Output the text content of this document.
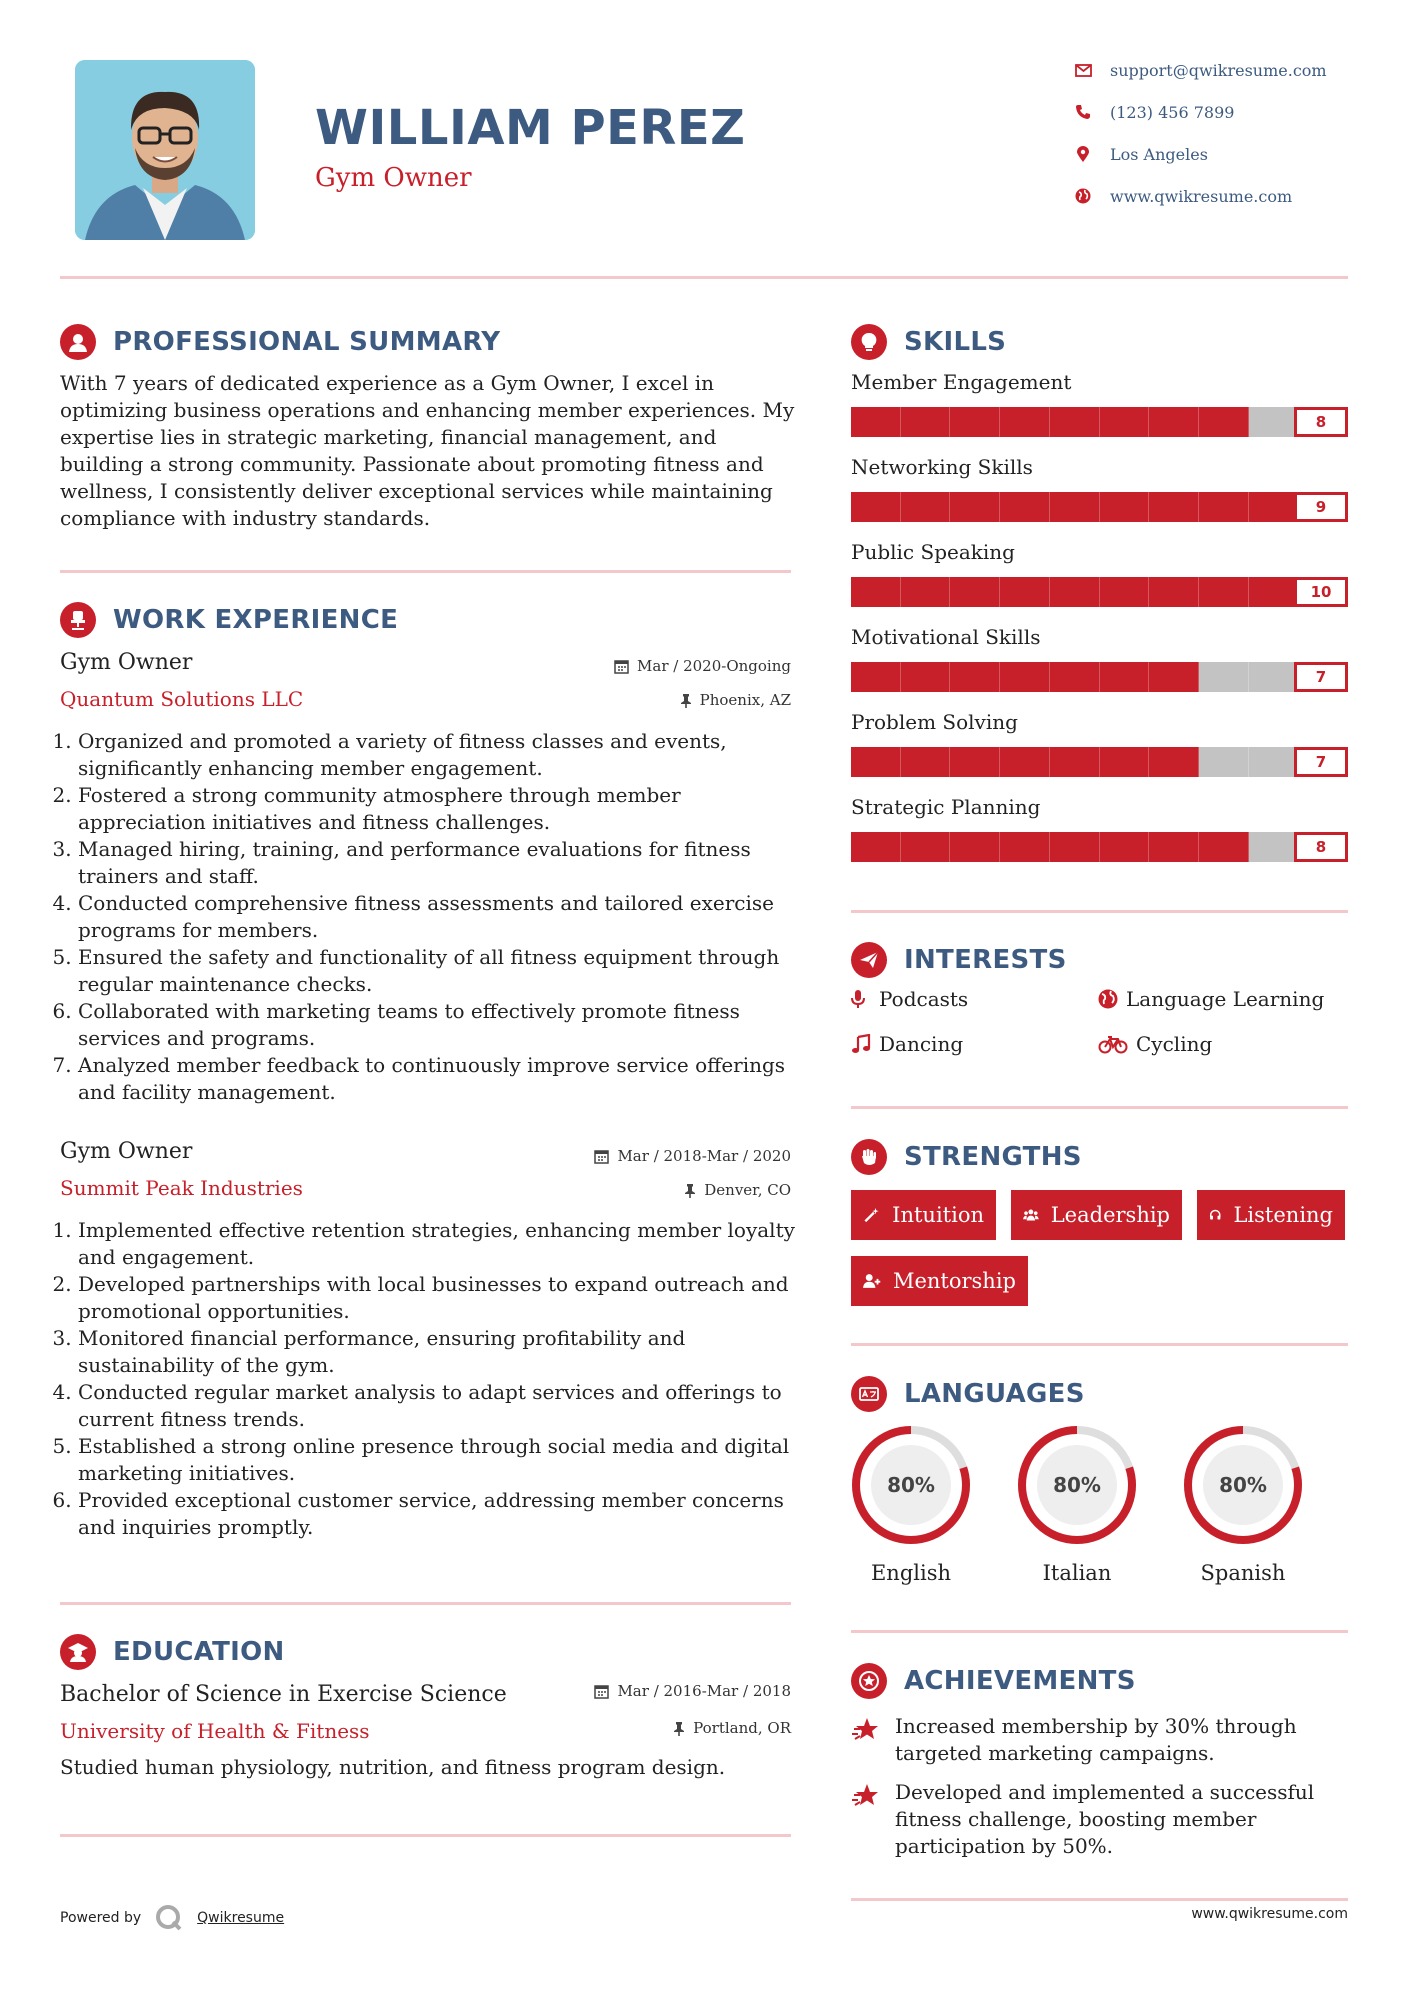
WILLIAM PEREZ
Gym Owner
support@qwikresume.com
(123) 456 7899
Los Angeles
www.qwikresume.com
PROFESSIONAL SUMMARY
With 7 years of dedicated experience as a Gym Owner, I excel in optimizing business operations and enhancing member experiences. My expertise lies in strategic marketing, financial management, and building a strong community. Passionate about promoting fitness and wellness, I consistently deliver exceptional services while maintaining compliance with industry standards.
WORK EXPERIENCE
Gym Owner
Quantum Solutions LLC
Mar / 2020-Ongoing
Phoenix, AZ
1. Organized and promoted a variety of fitness classes and events, significantly enhancing member engagement.
2. Fostered a strong community atmosphere through member appreciation initiatives and fitness challenges.
3. Managed hiring, training, and performance evaluations for fitness trainers and staff.
4. Conducted comprehensive fitness assessments and tailored exercise programs for members.
5. Ensured the safety and functionality of all fitness equipment through regular maintenance checks.
6. Collaborated with marketing teams to effectively promote fitness services and programs.
7. Analyzed member feedback to continuously improve service offerings and facility management.
Gym Owner
Summit Peak Industries
Mar / 2018-Mar / 2020
Denver, CO
1. Implemented effective retention strategies, enhancing member loyalty and engagement.
2. Developed partnerships with local businesses to expand outreach and promotional opportunities.
3. Monitored financial performance, ensuring profitability and sustainability of the gym.
4. Conducted regular market analysis to adapt services and offerings to current fitness trends.
5. Established a strong online presence through social media and digital marketing initiatives.
6. Provided exceptional customer service, addressing member concerns and inquiries promptly.
EDUCATION
Bachelor of Science in Exercise Science
University of Health & Fitness
Mar / 2016-Mar / 2018
Portland, OR
Studied human physiology, nutrition, and fitness program design.
Powered by	Qwikresume
SKILLS
Member Engagement
8
Networking Skills
9
Public Speaking
10
Motivational Skills
7
Problem Solving
7
Strategic Planning
8
INTERESTS
Podcasts	Language Learning
Dancing	Cycling
STRENGTHS
Intuition	Leadership	Listening
Mentorship
LANGUAGES
80%
English
80%
Italian
80%
Spanish
ACHIEVEMENTS
Increased membership by 30% through targeted marketing campaigns.
Developed and implemented a successful fitness challenge, boosting member participation by 50%.
www.qwikresume.com
